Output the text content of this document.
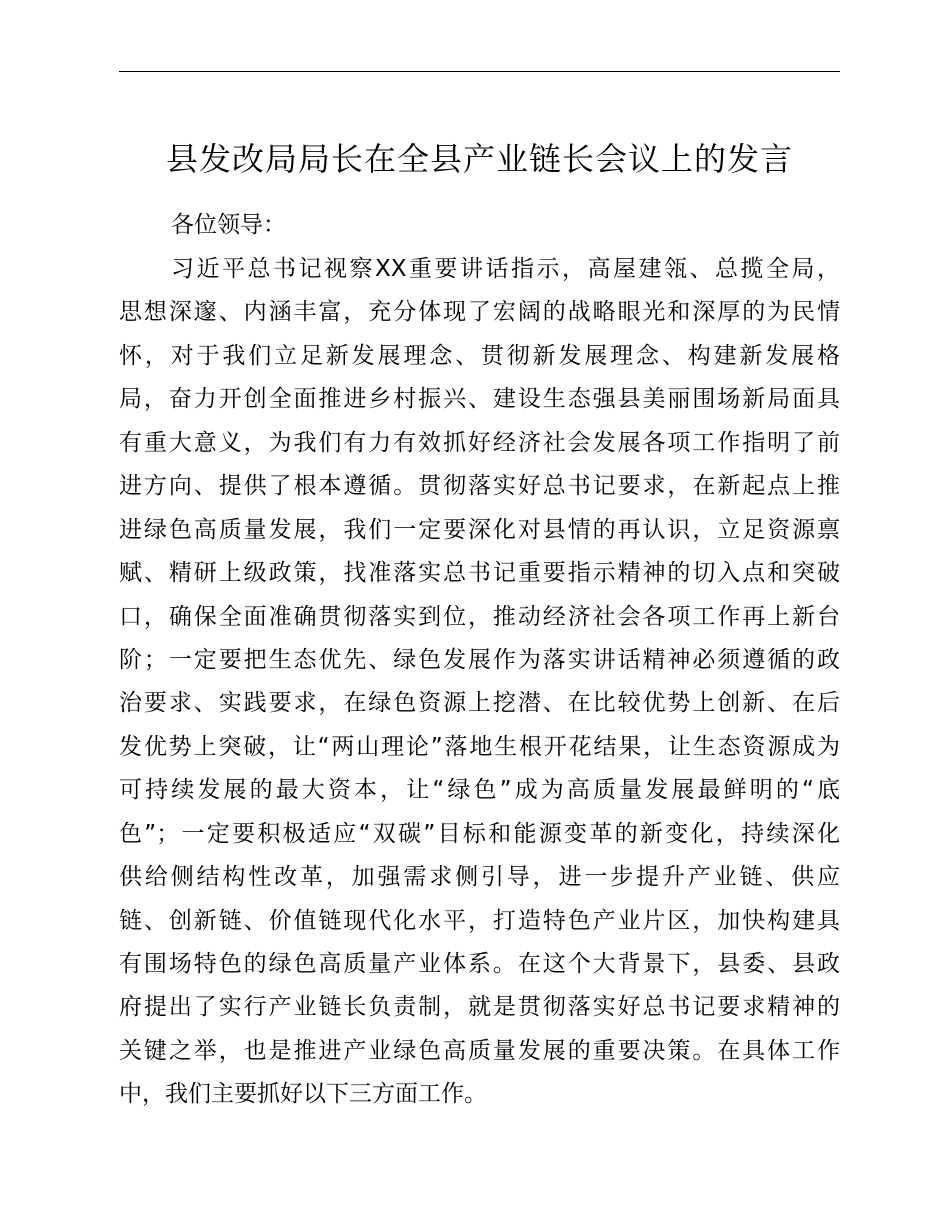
县发改局局长在全县产业链长会议上的发言

各位领导：

习近平总书记视察XX重要讲话指示，高屋建瓴、总揽全局，
思想深邃、内涵丰富，充分体现了宏阔的战略眼光和深厚的为民情
怀，对于我们立足新发展理念、贯彻新发展理念、构建新发展格
局，奋力开创全面推进乡村振兴、建设生态强县美丽围场新局面具
有重大意义，为我们有力有效抓好经济社会发展各项工作指明了前
进方向、提供了根本遵循。贯彻落实好总书记要求，在新起点上推
进绿色高质量发展，我们一定要深化对县情的再认识，立足资源禀
赋、精研上级政策，找准落实总书记重要指示精神的切入点和突破
口，确保全面准确贯彻落实到位，推动经济社会各项工作再上新台
阶；一定要把生态优先、绿色发展作为落实讲话精神必须遵循的政
治要求、实践要求，在绿色资源上挖潜、在比较优势上创新、在后
发优势上突破，让“两山理论”落地生根开花结果，让生态资源成为
可持续发展的最大资本，让“绿色”成为高质量发展最鲜明的“底
色”；一定要积极适应“双碳”目标和能源变革的新变化，持续深化
供给侧结构性改革，加强需求侧引导，进一步提升产业链、供应
链、创新链、价值链现代化水平，打造特色产业片区，加快构建具
有围场特色的绿色高质量产业体系。在这个大背景下，县委、县政
府提出了实行产业链长负责制，就是贯彻落实好总书记要求精神的
关键之举，也是推进产业绿色高质量发展的重要决策。在具体工作
中，我们主要抓好以下三方面工作。
